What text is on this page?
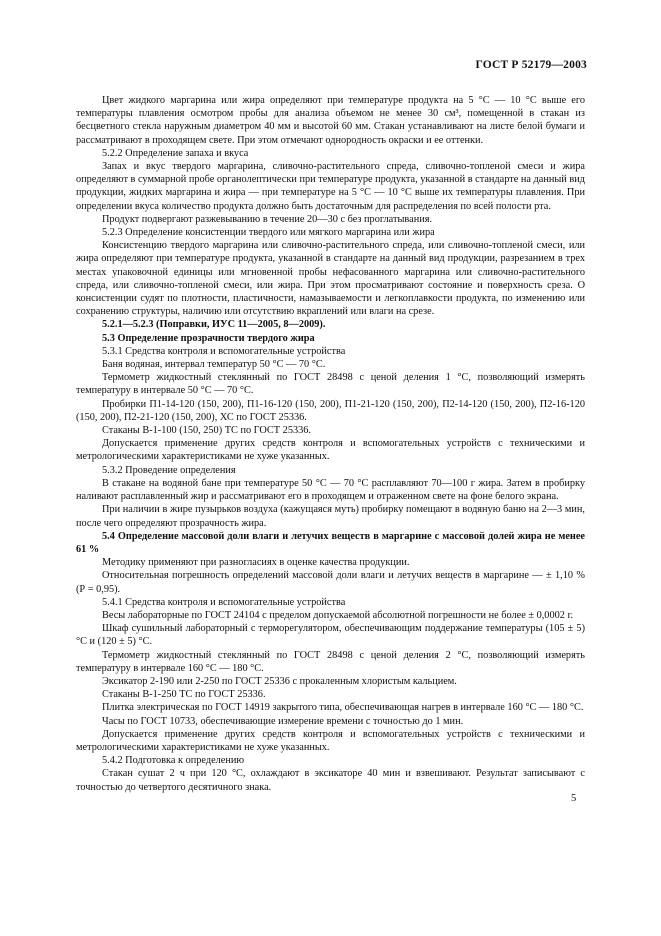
ГОСТ Р 52179—2003

Цвет жидкого маргарина или жира определяют при температуре продукта на 5 °С — 10 °С выше его температуры плавления осмотром пробы для анализа объемом не менее 30 см³, помещенной в стакан из бесцветного стекла наружным диаметром 40 мм и высотой 60 мм. Стакан устанавливают на листе белой бумаги и рассматривают в проходящем свете. При этом отмечают однородность окраски и ее оттенки.

5.2.2 Определение запаха и вкуса

Запах и вкус твердого маргарина, сливочно-растительного спреда, сливочно-топленой смеси и жира определяют в суммарной пробе органолептически при температуре продукта, указанной в стандарте на данный вид продукции, жидких маргарина и жира — при температуре на 5 °С — 10 °С выше их температуры плавления. При определении вкуса количество продукта должно быть достаточным для распределения по всей полости рта.

Продукт подвергают разжевыванию в течение 20—30 с без проглатывания.

5.2.3 Определение консистенции твердого или мягкого маргарина или жира

Консистенцию твердого маргарина или сливочно-растительного спреда, или сливочно-топленой смеси, или жира определяют при температуре продукта, указанной в стандарте на данный вид продукции, разрезанием в трех местах упаковочной единицы или мгновенной пробы нефасованного маргарина или сливочно-растительного спреда, или сливочно-топленой смеси, или жира. При этом просматривают состояние и поверхность среза. О консистенции судят по плотности, пластичности, намазываемости и легкоплавкости продукта, по изменению или сохранению структуры, наличию или отсутствию вкраплений или влаги на срезе.

5.2.1—5.2.3 (Поправки, ИУС 11—2005, 8—2009).

5.3 Определение прозрачности твердого жира

5.3.1 Средства контроля и вспомогательные устройства

Баня водяная, интервал температур 50 °С — 70 °С.

Термометр жидкостный стеклянный по ГОСТ 28498 с ценой деления 1 °С, позволяющий измерять температуру в интервале 50 °С — 70 °С.

Пробирки П1-14-120 (150, 200), П1-16-120 (150, 200), П1-21-120 (150, 200), П2-14-120 (150, 200), П2-16-120 (150, 200), П2-21-120 (150, 200), ХС по ГОСТ 25336.

Стаканы В-1-100 (150, 250) ТС по ГОСТ 25336.

Допускается применение других средств контроля и вспомогательных устройств с техническими и метрологическими характеристиками не хуже указанных.

5.3.2 Проведение определения

В стакане на водяной бане при температуре 50 °С — 70 °С расплавляют 70—100 г жира. Затем в пробирку наливают расплавленный жир и рассматривают его в проходящем и отраженном свете на фоне белого экрана.

При наличии в жире пузырьков воздуха (кажущаяся муть) пробирку помещают в водяную баню на 2—3 мин, после чего определяют прозрачность жира.

5.4 Определение массовой доли влаги и летучих веществ в маргарине с массовой долей жира не менее 61 %

Методику применяют при разногласиях в оценке качества продукции.

Относительная погрешность определений массовой доли влаги и летучих веществ в маргарине — ± 1,10 % (Р = 0,95).

5.4.1 Средства контроля и вспомогательные устройства

Весы лабораторные по ГОСТ 24104 с пределом допускаемой абсолютной погрешности не более ± 0,0002 г.

Шкаф сушильный лабораторный с терморегулятором, обеспечивающим поддержание температуры (105 ± 5) °С и (120 ± 5) °С.

Термометр жидкостный стеклянный по ГОСТ 28498 с ценой деления 2 °С, позволяющий измерять температуру в интервале 160 °С — 180 °С.

Эксикатор 2-190 или 2-250 по ГОСТ 25336 с прокаленным хлористым кальцием.

Стаканы В-1-250 ТС по ГОСТ 25336.

Плитка электрическая по ГОСТ 14919 закрытого типа, обеспечивающая нагрев в интервале 160 °С — 180 °С.

Часы по ГОСТ 10733, обеспечивающие измерение времени с точностью до 1 мин.

Допускается применение других средств контроля и вспомогательных устройств с техническими и метрологическими характеристиками не хуже указанных.

5.4.2 Подготовка к определению

Стакан сушат 2 ч при 120 °С, охлаждают в эксикаторе 40 мин и взвешивают. Результат записывают с точностью до четвертого десятичного знака.

5
